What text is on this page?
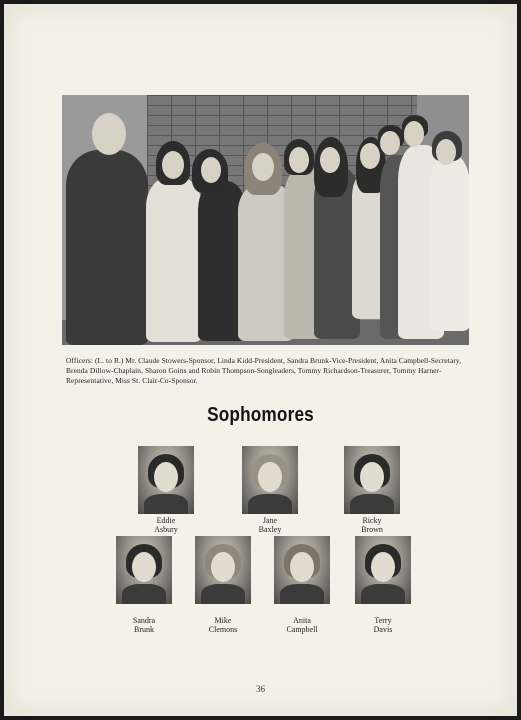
Officers: (L. to R.) Mr. Claude Stowers-Sponsor, Linda Kidd-President, Sandra Brunk-Vice-President, Anita Campbell-Secretary, Brenda Dillow-Chaplain, Sharon Goins and Robin Thompson-Songleaders, Tommy Richardson-Treasurer, Tommy Harner-Representative, Miss St. Clair-Co-Sponsor.
Sophomores
Eddie
Asbury
Jane
Baxley
Ricky
Brown
Sandra
Brunk
Mike
Clemons
Anita
Campbell
Terry
Davis
36
